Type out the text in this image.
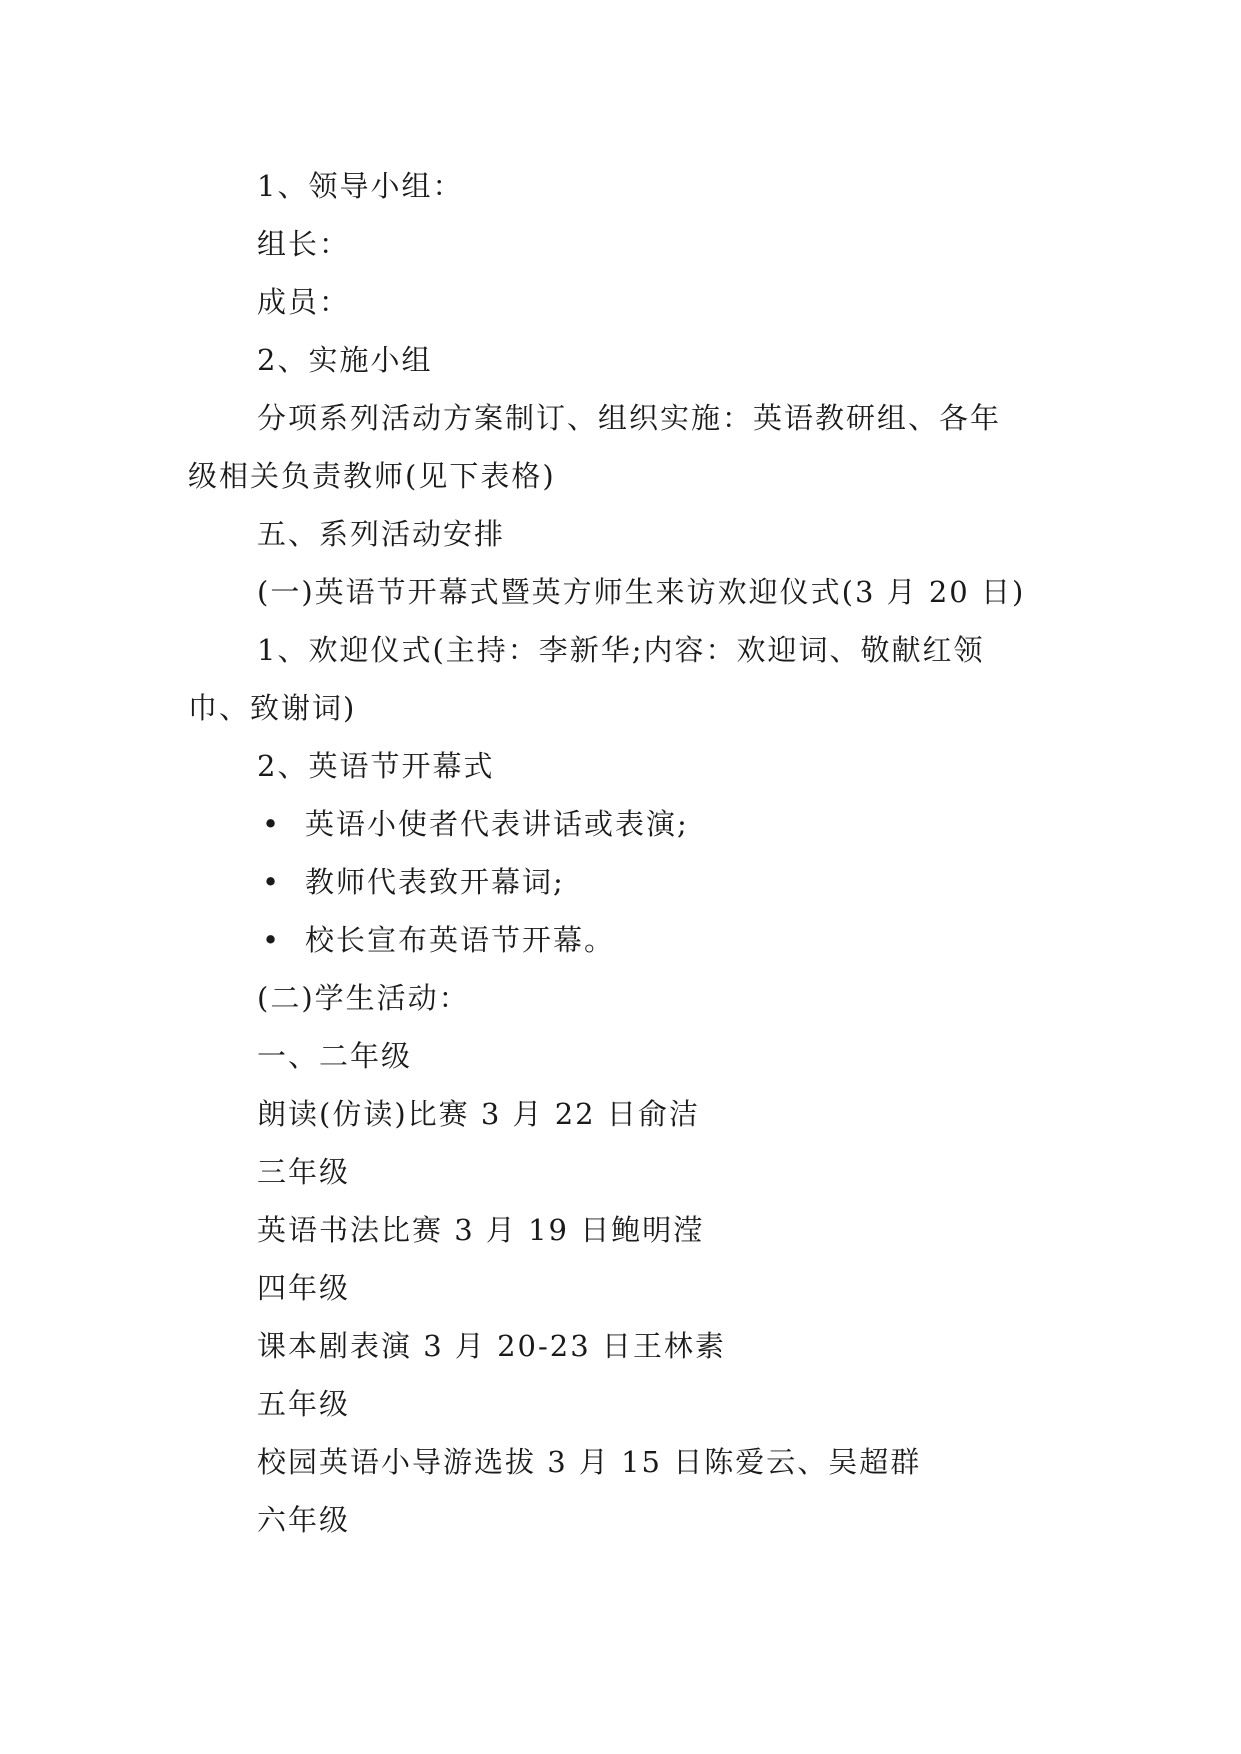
1、领导小组：
组长：
成员：
2、实施小组
分项系列活动方案制订、组织实施：英语教研组、各年
级相关负责教师(见下表格)
五、系列活动安排
(一)英语节开幕式暨英方师生来访欢迎仪式(3 月 20 日)
1、欢迎仪式(主持：李新华;内容：欢迎词、敬献红领
巾、致谢词)
2、英语节开幕式
• 英语小使者代表讲话或表演;
• 教师代表致开幕词;
• 校长宣布英语节开幕。
(二)学生活动：
一、二年级
朗读(仿读)比赛 3 月 22 日俞洁
三年级
英语书法比赛 3 月 19 日鲍明滢
四年级
课本剧表演 3 月 20-23 日王林素
五年级
校园英语小导游选拔 3 月 15 日陈爱云、吴超群
六年级
